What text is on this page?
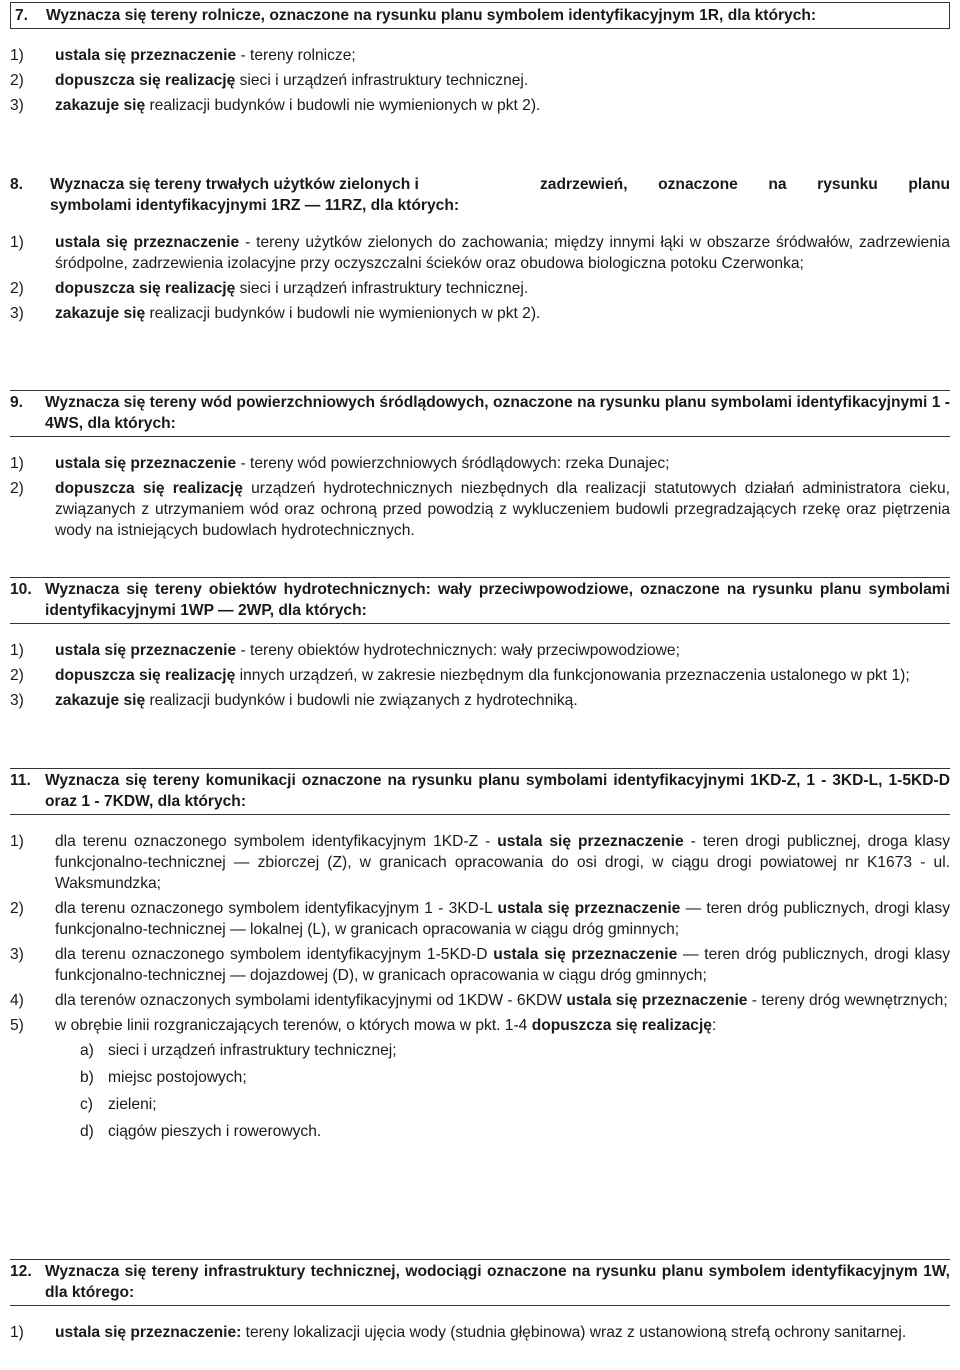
7.	Wyznacza się tereny rolnicze, oznaczone na rysunku planu symbolem identyfikacyjnym 1R, dla których:
1)	ustala się przeznaczenie - tereny rolnicze;
2)	dopuszcza się realizację sieci i urządzeń infrastruktury technicznej.
3)	zakazuje się realizacji budynków i budowli nie wymienionych w pkt 2).
8. Wyznacza się tereny trwałych użytków zielonych i	zadrzewień, oznaczone na rysunku planu
symbolami identyfikacyjnymi 1RZ — 11RZ, dla których:
1)	ustala się przeznaczenie - tereny użytków zielonych do zachowania; między innymi łąki w obszarze śródwałów, zadrzewienia śródpolne, zadrzewienia izolacyjne przy oczyszczalni ścieków oraz obudowa biologiczna potoku Czerwonka;
2)	dopuszcza się realizację sieci i urządzeń infrastruktury technicznej.
3)	zakazuje się realizacji budynków i budowli nie wymienionych w pkt 2).
9.	Wyznacza się tereny wód powierzchniowych śródlądowych, oznaczone na rysunku planu symbolami identyfikacyjnymi 1 - 4WS, dla których:
1)	ustala się przeznaczenie - tereny wód powierzchniowych śródlądowych: rzeka Dunajec;
2)	dopuszcza się realizację urządzeń hydrotechnicznych niezbędnych dla realizacji statutowych działań administratora cieku, związanych z utrzymaniem wód oraz ochroną przed powodzią z wykluczeniem budowli przegradzających rzekę oraz piętrzenia wody na istniejących budowlach hydrotechnicznych.
10. Wyznacza się tereny obiektów hydrotechnicznych: wały przeciwpowodziowe, oznaczone na rysunku planu symbolami identyfikacyjnymi 1WP — 2WP, dla których:
1)	ustala się przeznaczenie - tereny obiektów hydrotechnicznych: wały przeciwpowodziowe;
2)	dopuszcza się realizację innych urządzeń, w zakresie niezbędnym dla funkcjonowania przeznaczenia ustalonego w pkt 1);
3)	zakazuje się realizacji budynków i budowli nie związanych z hydrotechniką.
11. Wyznacza się tereny komunikacji oznaczone na rysunku planu symbolami identyfikacyjnymi 1KD-Z, 1 - 3KD-L, 1-5KD-D oraz 1 - 7KDW, dla których:
1)	dla terenu oznaczonego symbolem identyfikacyjnym 1KD-Z - ustala się przeznaczenie - teren drogi publicznej, droga klasy funkcjonalno-technicznej — zbiorczej (Z), w granicach opracowania do osi drogi, w ciągu drogi powiatowej nr K1673 - ul. Waksmundzka;
2)	dla terenu oznaczonego symbolem identyfikacyjnym 1 - 3KD-L ustala się przeznaczenie — teren dróg publicznych, drogi klasy funkcjonalno-technicznej — lokalnej (L), w granicach opracowania w ciągu dróg gminnych;
3)	dla terenu oznaczonego symbolem identyfikacyjnym 1-5KD-D ustala się przeznaczenie — teren dróg publicznych, drogi klasy funkcjonalno-technicznej — dojazdowej (D), w granicach opracowania w ciągu dróg gminnych;
4)	dla terenów oznaczonych symbolami identyfikacyjnymi od 1KDW - 6KDW ustala się przeznaczenie - tereny dróg wewnętrznych;
5)	w obrębie linii rozgraniczających terenów, o których mowa w pkt. 1-4 dopuszcza się realizację:
a) sieci i urządzeń infrastruktury technicznej;
b) miejsc postojowych;
c) zieleni;
d) ciągów pieszych i rowerowych.
12. Wyznacza się tereny infrastruktury technicznej, wodociągi oznaczone na rysunku planu symbolem identyfikacyjnym 1W, dla którego:
1)	ustala się przeznaczenie: tereny lokalizacji ujęcia wody (studnia głębinowa) wraz z ustanowioną strefą ochrony sanitarnej.
